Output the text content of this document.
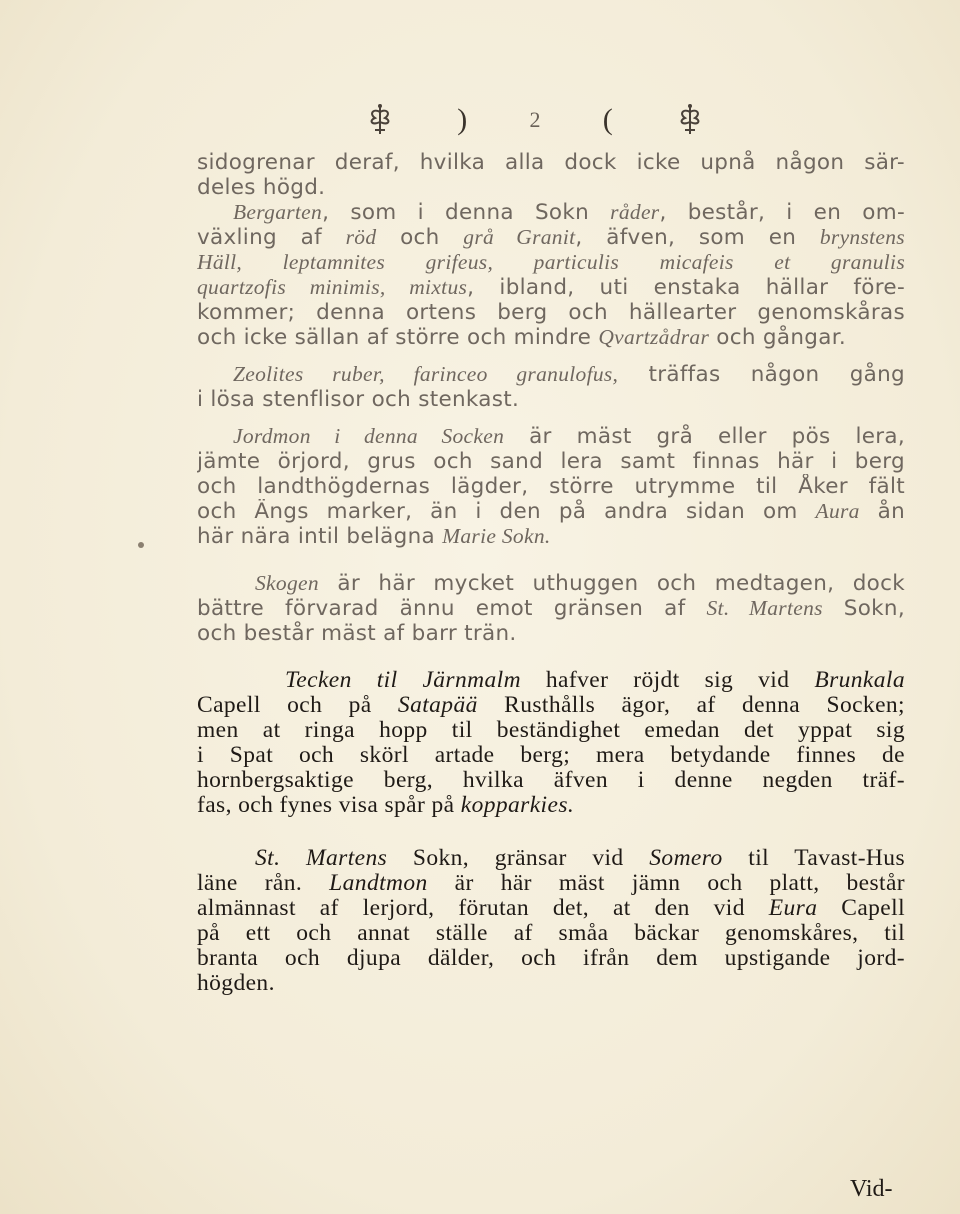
)	2 (
sidogrenar deraf, hvilka alla dock icke upnå någon sär-
deles högd.
Bergarten, som i denna Sokn råder, består, i en om-
växling af röd och grå Granit, äfven, som en brynstens
Häll, leptamnites grifeus, particulis micafeis et granulis
quartzofis minimis, mixtus, ibland, uti enstaka hällar före-
kommer; denna ortens berg och hällearter genomskåras
och icke sällan af större och mindre Qvartzådrar och gångar.
Zeolites ruber, farinceo granulofus, träffas någon gång
i lösa stenflisor och stenkast.
Jordmon i denna Socken är mäst grå eller pös lera,
jämte örjord, grus och sand lera samt finnas här i berg
och landthögdernas lägder, större utrymme til Åker fält
och Ängs marker, än i den på andra sidan om Aura ån
här nära intil belägna Marie Sokn.
Skogen är här mycket uthuggen och medtagen, dock
bättre förvarad ännu emot gränsen af St. Martens Sokn,
och består mäst af barr trän.
Tecken til Järnmalm hafver röjdt sig vid Brunkala
Capell och på Satapää Rusthålls ägor, af denna Socken;
men at ringa hopp til beständighet emedan det yppat sig
i Spat och skörl artade berg; mera betydande finnes de
hornbergsaktige berg, hvilka äfven i denne negden träf-
fas, och fynes visa spår på kopparkies.
St. Martens Sokn, gränsar vid Somero til Tavast-Hus
läne rån. Landtmon är här mäst jämn och platt, består
almännast af lerjord, förutan det, at den vid Eura Capell
på ett och annat ställe af småa bäckar genomskåres, til
branta och djupa dälder, och ifrån dem upstigande jord-
högden.
Vid-
